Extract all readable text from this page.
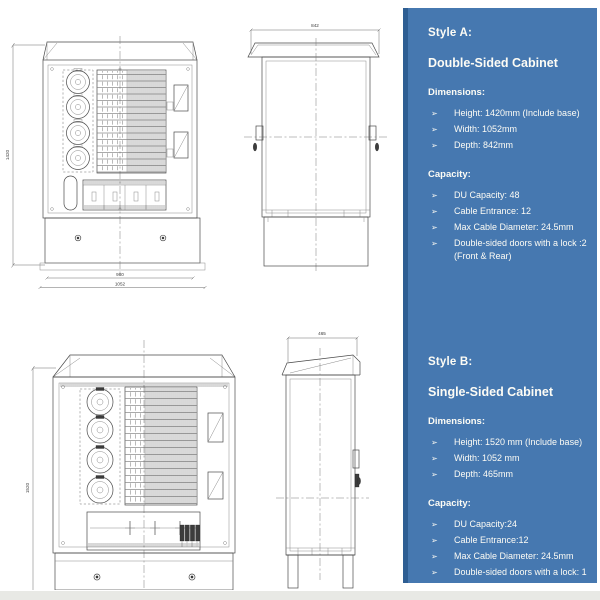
1420
980
1052
842
1520
465
Style A:
Double-Sided Cabinet
Dimensions:
➢	Height: 1420mm (Include base)
➢	Width: 1052mm
➢	Depth: 842mm
Capacity:
➢	DU Capacity: 48
➢	Cable Entrance: 12
➢	Max Cable Diameter: 24.5mm
➢	Double-sided doors with a lock :2 (Front & Rear)
Style B:
Single-Sided Cabinet
Dimensions:
➢	Height: 1520 mm (Include base)
➢	Width: 1052 mm
➢	Depth: 465mm
Capacity:
➢	DU Capacity:24
➢	Cable Entrance:12
➢	Max Cable Diameter: 24.5mm
➢	Double-sided doors with a lock: 1
